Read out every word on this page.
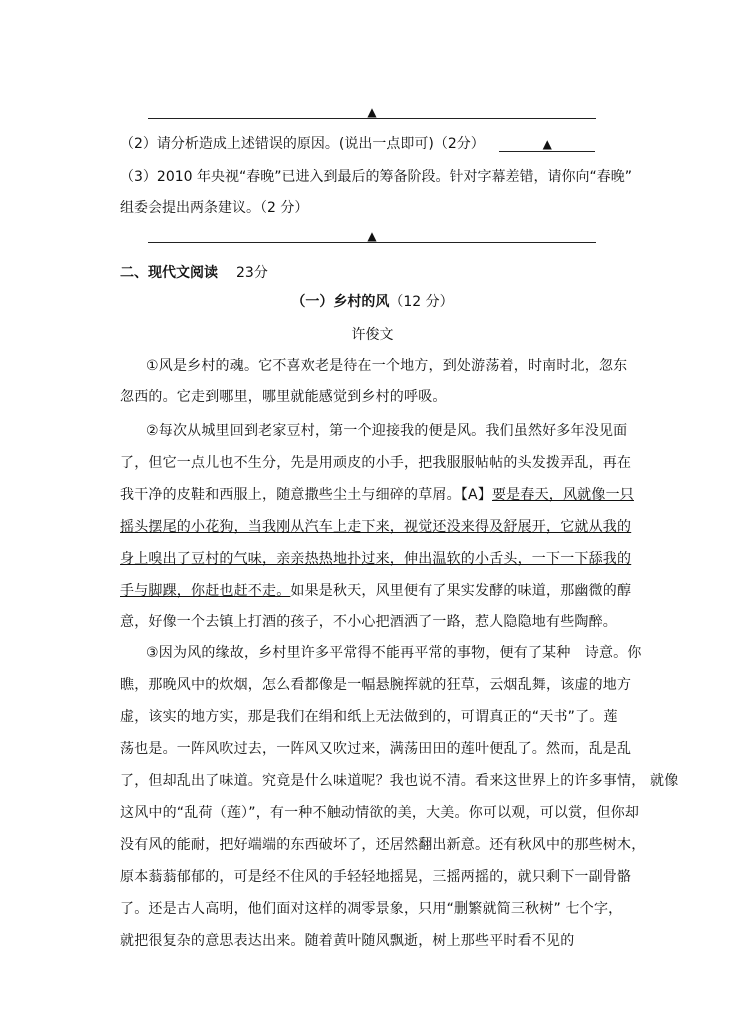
▲
（2）请分析造成上述错误的原因。(说出一点即可)（2分）	▲
（3）2010 年央视“春晚”已进入到最后的筹备阶段。针对字幕差错，请你向“春晚”
组委会提出两条建议。（2 分）
▲
二、现代文阅读 23分
（一）乡村的风（12 分）
许俊文
①风是乡村的魂。它不喜欢老是待在一个地方，到处游荡着，时南时北，忽东
忽西的。它走到哪里，哪里就能感觉到乡村的呼吸。
②每次从城里回到老家豆村，第一个迎接我的便是风。我们虽然好多年没见面
了，但它一点儿也不生分，先是用顽皮的小手，把我服服帖帖的头发拨弄乱，再在
我干净的皮鞋和西服上，随意撒些尘土与细碎的草屑。【A】要是春天，风就像一只
摇头摆尾的小花狗，当我刚从汽车上走下来，视觉还没来得及舒展开，它就从我的
身上嗅出了豆村的气味，亲亲热热地扑过来，伸出温软的小舌头，一下一下舔我的
手与脚踝，你赶也赶不走。如果是秋天，风里便有了果实发酵的味道，那幽微的醇
意，好像一个去镇上打酒的孩子，不小心把酒洒了一路，惹人隐隐地有些陶醉。
③因为风的缘故，乡村里许多平常得不能再平常的事物，便有了某种　诗意。你
瞧，那晚风中的炊烟，怎么看都像是一幅悬腕挥就的狂草，云烟乱舞，该虚的地方
虚，该实的地方实，那是我们在绢和纸上无法做到的，可谓真正的“天书”了。莲
荡也是。一阵风吹过去，一阵风又吹过来，满荡田田的莲叶便乱了。然而，乱是乱
了，但却乱出了味道。究竟是什么味道呢？我也说不清。看来这世界上的许多事情， 就像
这风中的“乱荷（莲）”，有一种不触动情欲的美，大美。你可以观，可以赏，但你却
没有风的能耐，把好端端的东西破坏了，还居然翻出新意。还有秋风中的那些树木，
原本蓊蓊郁郁的，可是经不住风的手轻轻地摇晃，三摇两摇的，就只剩下一副骨骼
了。还是古人高明，他们面对这样的凋零景象，只用“删繁就简三秋树” 七个字，
就把很复杂的意思表达出来。随着黄叶随风飘逝，树上那些平时看不见的
